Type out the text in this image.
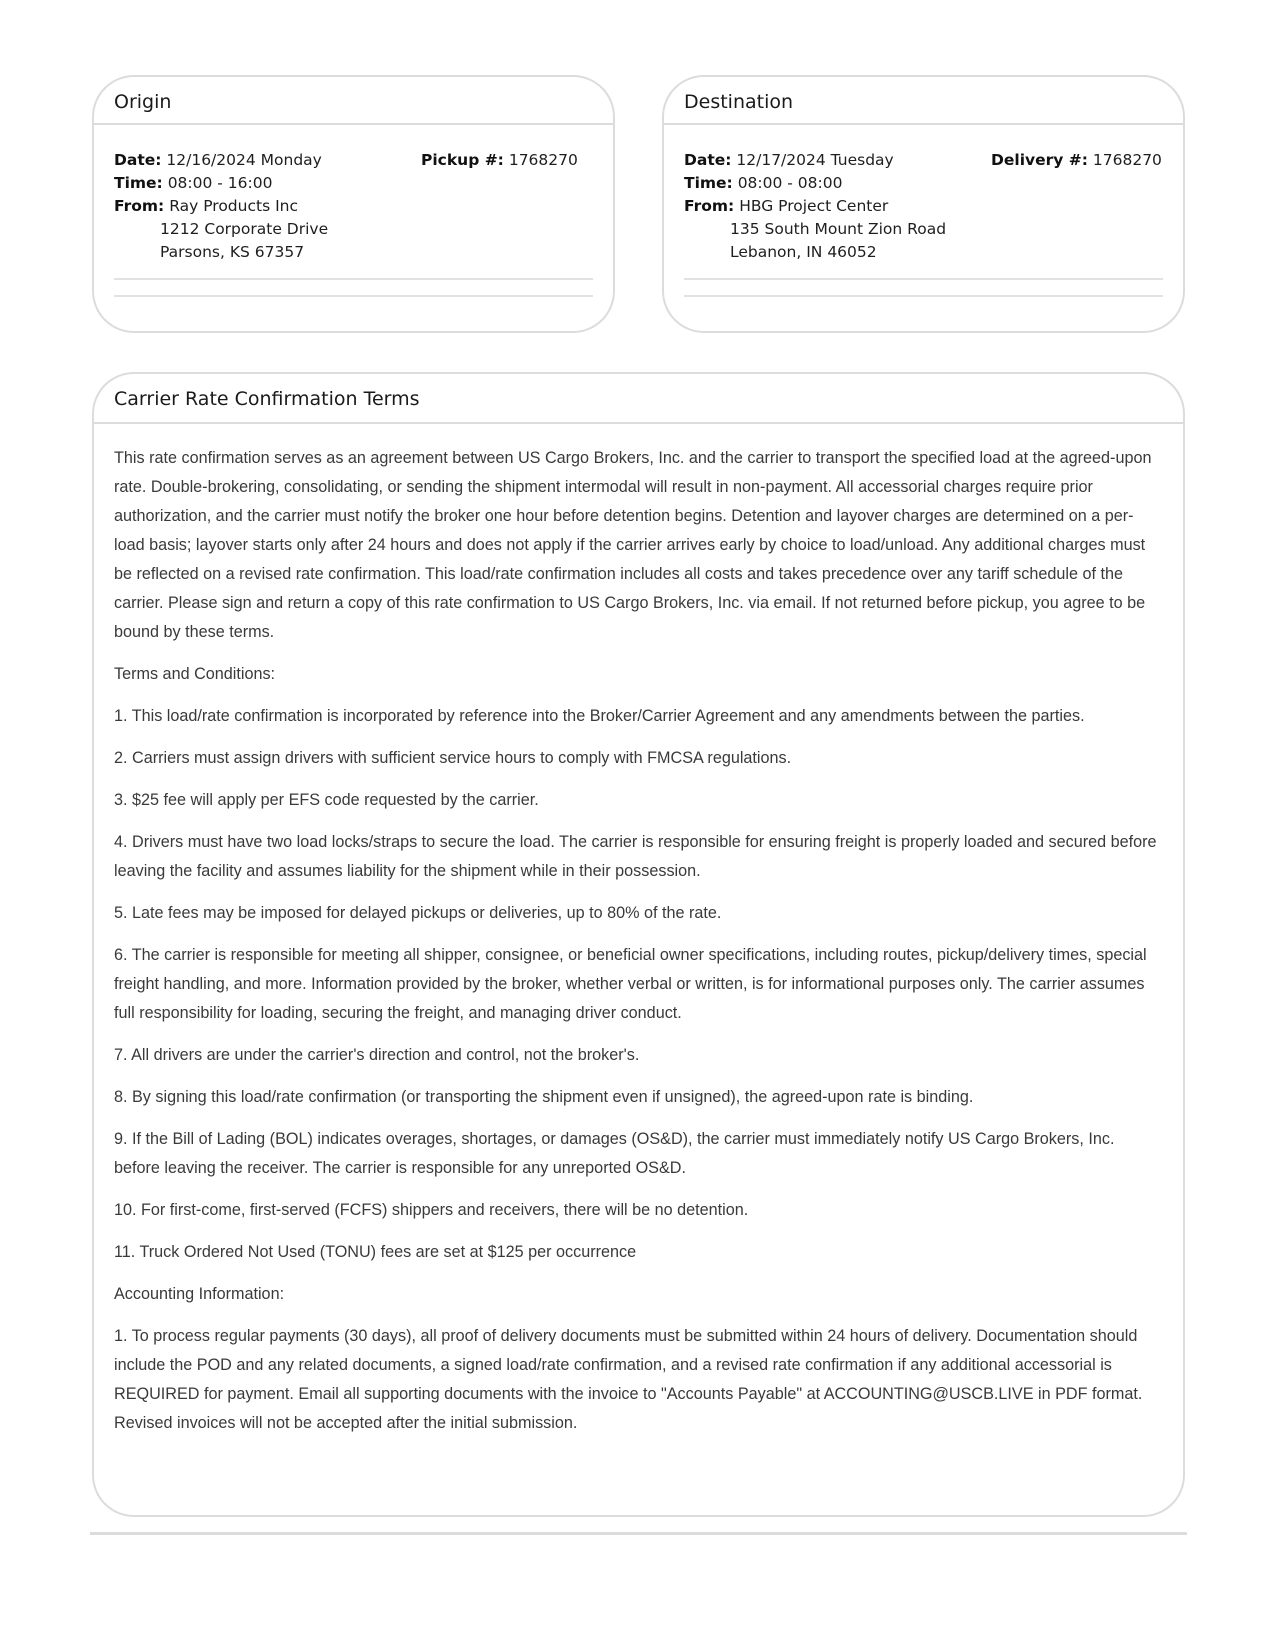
Origin
Date: 12/16/2024 Monday
Time: 08:00 - 16:00
From: Ray Products Inc
1212 Corporate Drive
Parsons, KS 67357
Pickup #: 1768270
Destination
Date: 12/17/2024 Tuesday
Time: 08:00 - 08:00
From: HBG Project Center
135 South Mount Zion Road
Lebanon, IN 46052
Delivery #: 1768270
Carrier Rate Confirmation Terms

This rate confirmation serves as an agreement between US Cargo Brokers, Inc. and the carrier to transport the specified load at the agreed-upon rate. Double-brokering, consolidating, or sending the shipment intermodal will result in non-payment. All accessorial charges require prior authorization, and the carrier must notify the broker one hour before detention begins. Detention and layover charges are determined on a per-load basis; layover starts only after 24 hours and does not apply if the carrier arrives early by choice to load/unload. Any additional charges must be reflected on a revised rate confirmation. This load/rate confirmation includes all costs and takes precedence over any tariff schedule of the carrier. Please sign and return a copy of this rate confirmation to US Cargo Brokers, Inc. via email. If not returned before pickup, you agree to be bound by these terms.

Terms and Conditions:

1. This load/rate confirmation is incorporated by reference into the Broker/Carrier Agreement and any amendments between the parties.

2. Carriers must assign drivers with sufficient service hours to comply with FMCSA regulations.

3. $25 fee will apply per EFS code requested by the carrier.

4. Drivers must have two load locks/straps to secure the load. The carrier is responsible for ensuring freight is properly loaded and secured before leaving the facility and assumes liability for the shipment while in their possession.

5. Late fees may be imposed for delayed pickups or deliveries, up to 80% of the rate.

6. The carrier is responsible for meeting all shipper, consignee, or beneficial owner specifications, including routes, pickup/delivery times, special freight handling, and more. Information provided by the broker, whether verbal or written, is for informational purposes only. The carrier assumes full responsibility for loading, securing the freight, and managing driver conduct.

7. All drivers are under the carrier's direction and control, not the broker's.

8. By signing this load/rate confirmation (or transporting the shipment even if unsigned), the agreed-upon rate is binding.

9. If the Bill of Lading (BOL) indicates overages, shortages, or damages (OS&D), the carrier must immediately notify US Cargo Brokers, Inc. before leaving the receiver. The carrier is responsible for any unreported OS&D.

10. For first-come, first-served (FCFS) shippers and receivers, there will be no detention.

11. Truck Ordered Not Used (TONU) fees are set at $125 per occurrence

Accounting Information:

1. To process regular payments (30 days), all proof of delivery documents must be submitted within 24 hours of delivery. Documentation should include the POD and any related documents, a signed load/rate confirmation, and a revised rate confirmation if any additional accessorial is REQUIRED for payment. Email all supporting documents with the invoice to "Accounts Payable" at ACCOUNTING@USCB.LIVE in PDF format. Revised invoices will not be accepted after the initial submission.
